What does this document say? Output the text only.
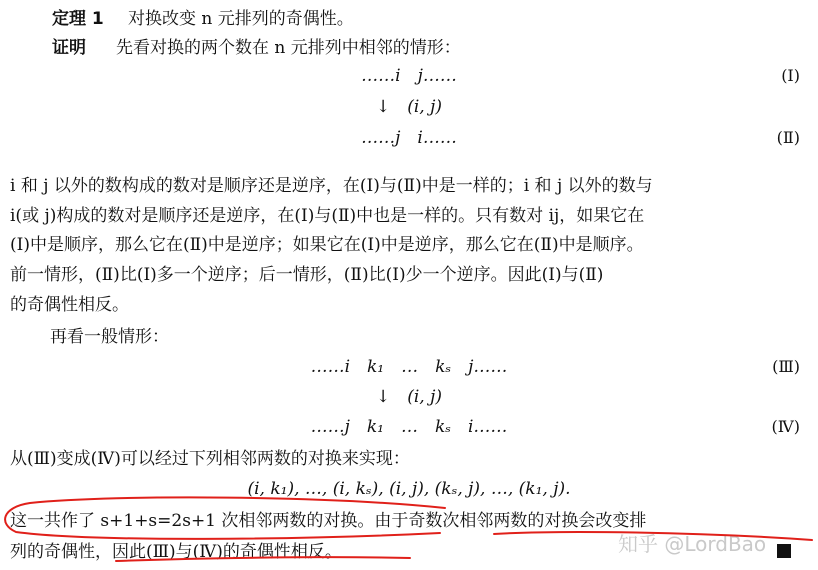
定理 1 对换改变 n 元排列的奇偶性。
证明 先看对换的两个数在 n 元排列中相邻的情形：
……i　j……	(Ⅰ)
↓　(i, j)
……j　i……	(Ⅱ)
i 和 j 以外的数构成的数对是顺序还是逆序，在(Ⅰ)与(Ⅱ)中是一样的；i 和 j 以外的数与
i(或 j)构成的数对是顺序还是逆序，在(Ⅰ)与(Ⅱ)中也是一样的。只有数对 ij，如果它在
(Ⅰ)中是顺序，那么它在(Ⅱ)中是逆序；如果它在(Ⅰ)中是逆序，那么它在(Ⅱ)中是顺序。
前一情形，(Ⅱ)比(Ⅰ)多一个逆序；后一情形，(Ⅱ)比(Ⅰ)少一个逆序。因此(Ⅰ)与(Ⅱ)
的奇偶性相反。
再看一般情形：
……i　k₁　…　kₛ　j……	(Ⅲ)
↓　(i, j)
……j　k₁　…　kₛ　i……	(Ⅳ)
从(Ⅲ)变成(Ⅳ)可以经过下列相邻两数的对换来实现：
(i, k₁), …, (i, kₛ), (i, j), (kₛ, j), …, (k₁, j).
这一共作了 s+1+s=2s+1 次相邻两数的对换。由于奇数次相邻两数的对换会改变排
列的奇偶性，因此(Ⅲ)与(Ⅳ)的奇偶性相反。	知乎 @LordBao
